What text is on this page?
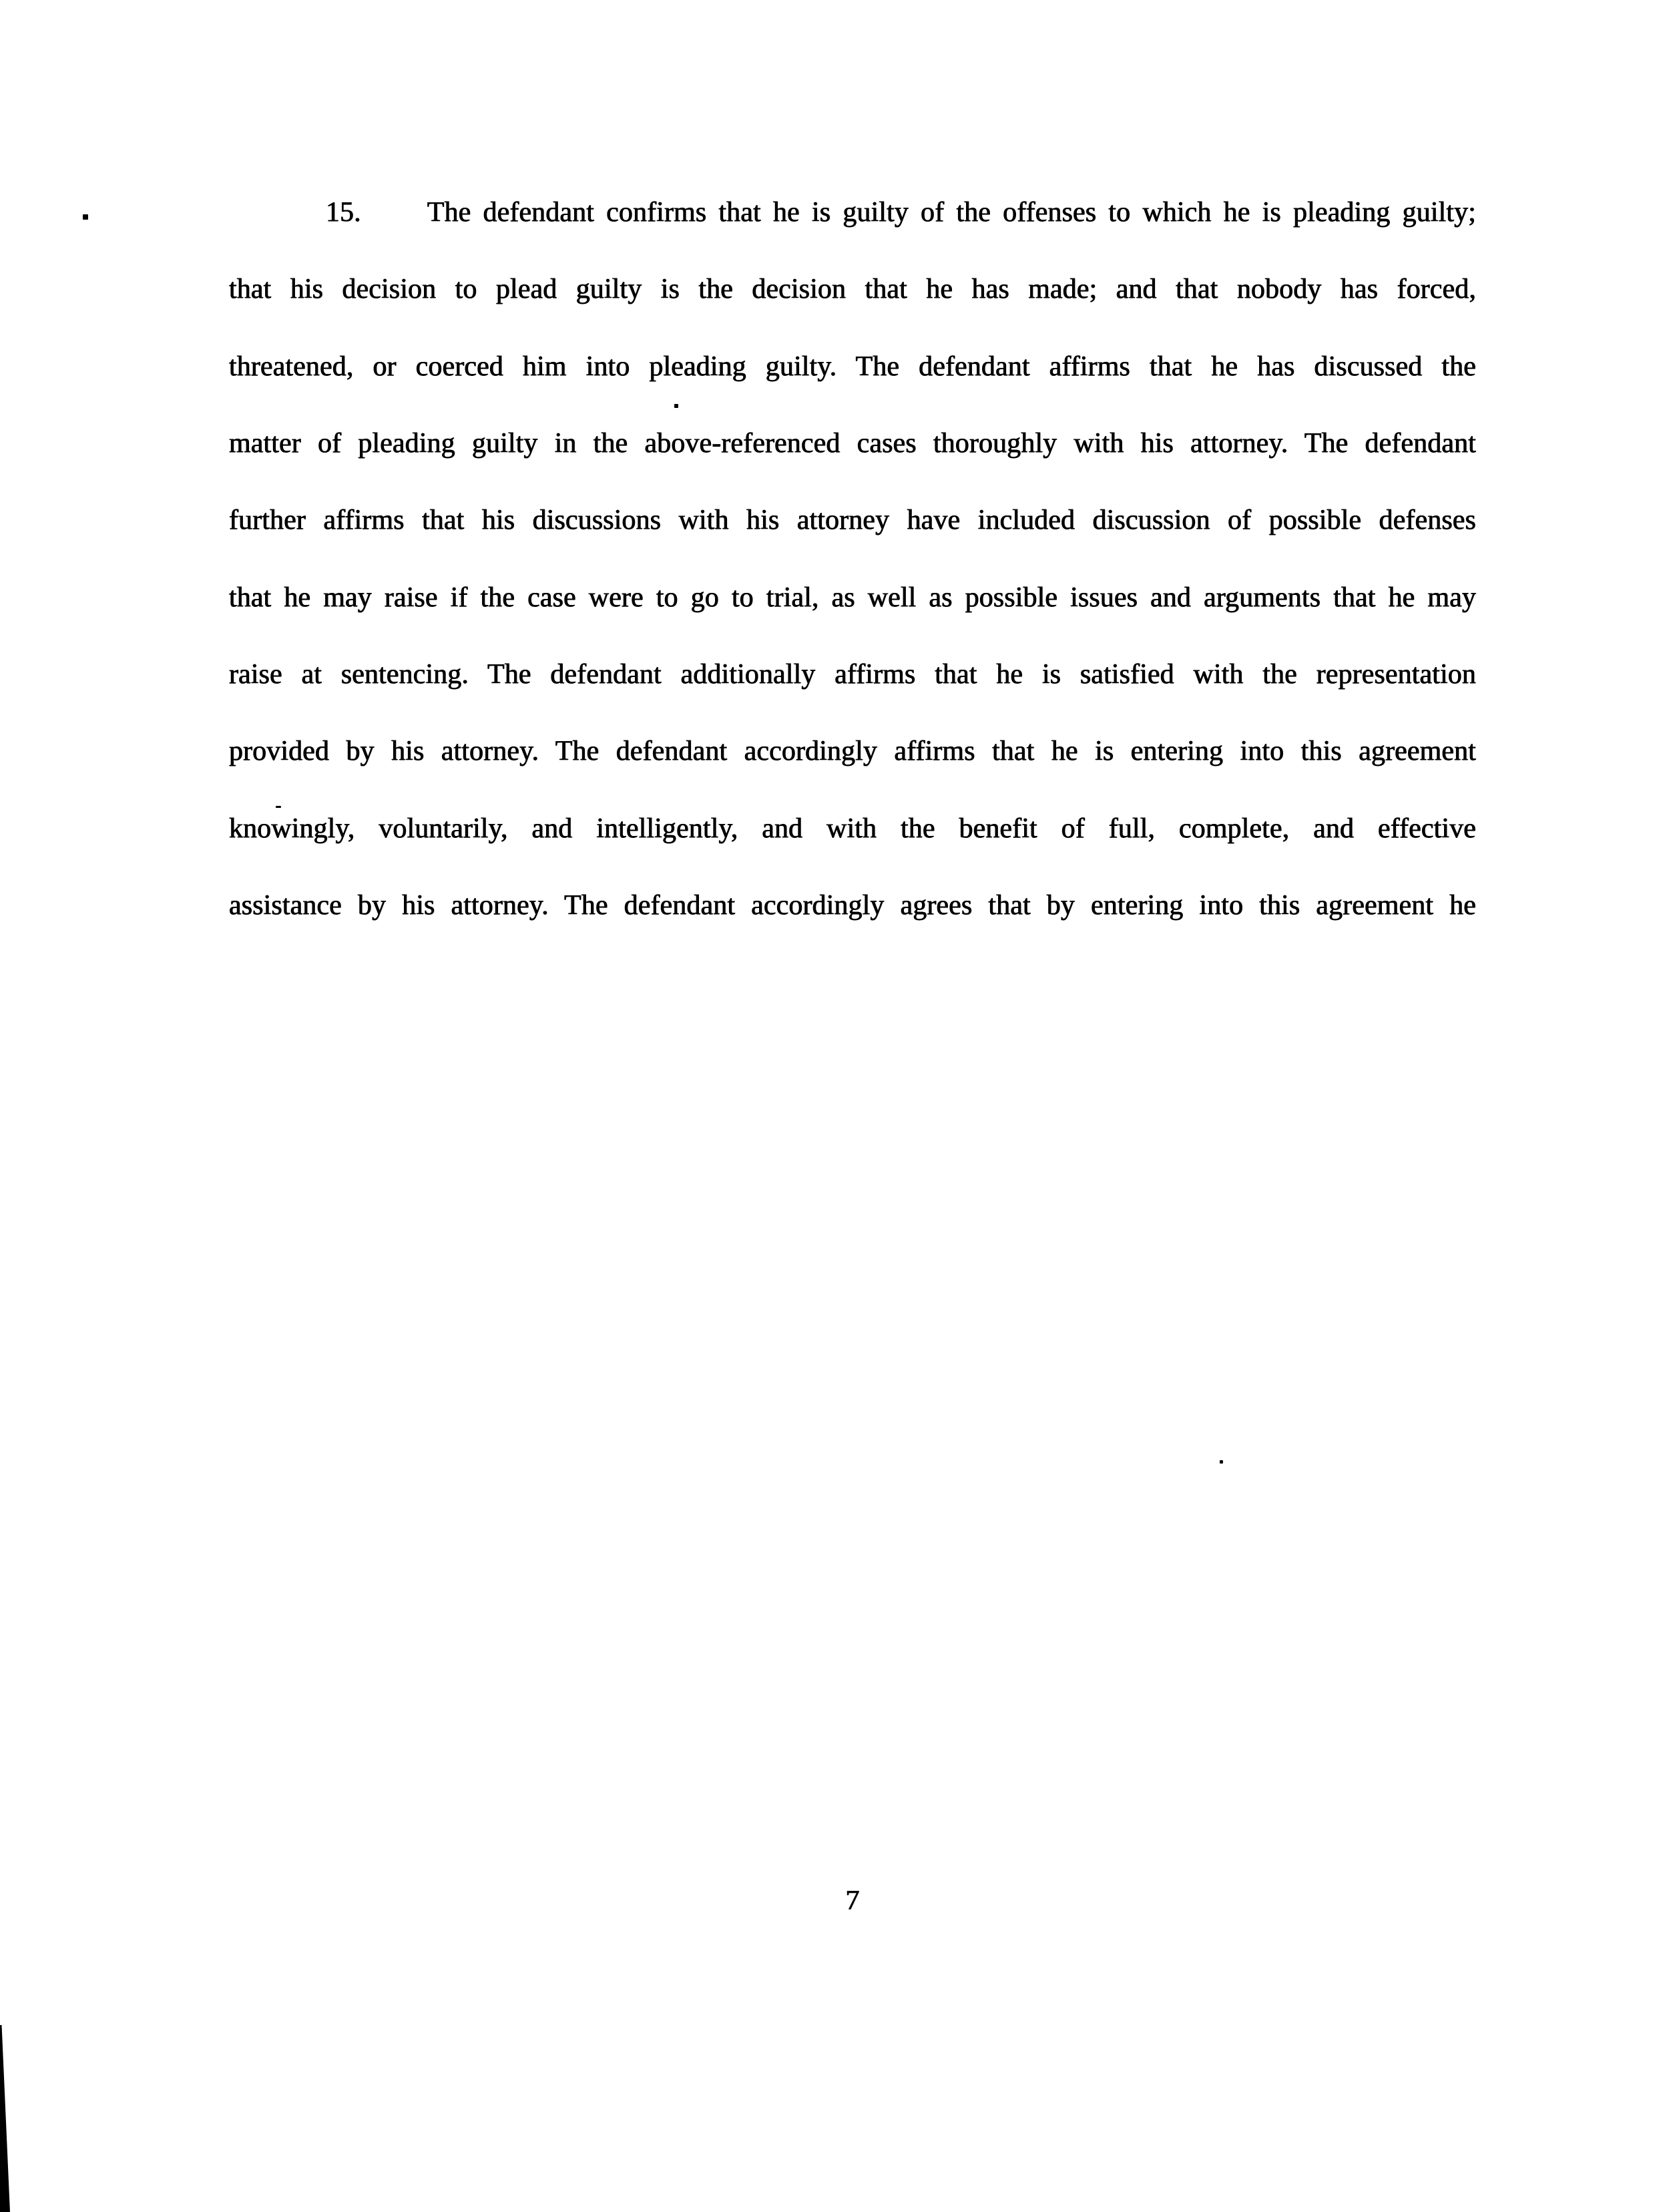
15. The defendant confirms that he is guilty of the offenses to which he is pleading guilty;
that his decision to plead guilty is the decision that he has made; and that nobody has forced,
threatened, or coerced him into pleading guilty. The defendant affirms that he has discussed the
matter of pleading guilty in the above-referenced cases thoroughly with his attorney. The defendant
further affirms that his discussions with his attorney have included discussion of possible defenses
that he may raise if the case were to go to trial, as well as possible issues and arguments that he may
raise at sentencing. The defendant additionally affirms that he is satisfied with the representation
provided by his attorney. The defendant accordingly affirms that he is entering into this agreement
knowingly, voluntarily, and intelligently, and with the benefit of full, complete, and effective
assistance by his attorney. The defendant accordingly agrees that by entering into this agreement he
7
